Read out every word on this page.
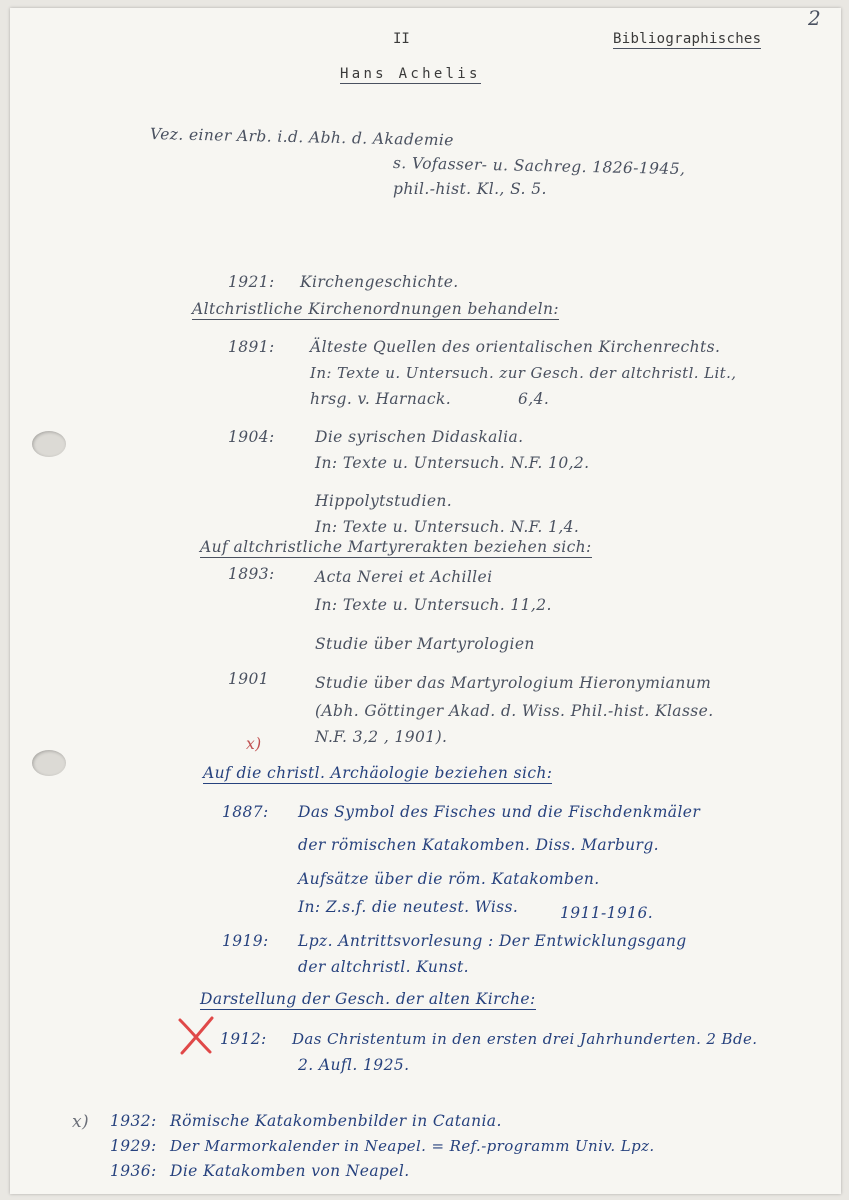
II	Bibliographisches
2
Hans Achelis
Vez. einer Arb. i.d. Abh. d. Akademie
s. Vofasser- u. Sachreg. 1826-1945,
phil.-hist. Kl., S. 5.
1921: Kirchengeschichte.
Altchristliche Kirchenordnungen behandeln:
1891: Älteste Quellen des orientalischen Kirchenrechts.
In: Texte u. Untersuch. zur Gesch. der altchristl. Lit.,
hrsg. v. Harnack.	6,4.
1904:	Die syrischen Didaskalia.
In: Texte u. Untersuch. N.F. 10,2.
Hippolytstudien.
In: Texte u. Untersuch. N.F. 1,4.
Auf altchristliche Martyrerakten beziehen sich:
1893:	Acta Nerei et Achillei
In: Texte u. Untersuch. 11,2.
Studie über Martyrologien
1901	Studie über das Martyrologium Hieronymianum
(Abh. Göttinger Akad. d. Wiss. Phil.-hist. Klasse.
N.F. 3,2 , 1901).
x)
Auf die christl. Archäologie beziehen sich:
1887: Das Symbol des Fisches und die Fischdenkmäler
der römischen Katakomben. Diss. Marburg.
Aufsätze über die röm. Katakomben.
In: Z.s.f. die neutest. Wiss.	1911-1916.
1919: Lpz. Antrittsvorlesung : Der Entwicklungsgang
der altchristl. Kunst.
Darstellung der Gesch. der alten Kirche:
1912: Das Christentum in den ersten drei Jahrhunderten. 2 Bde.
2. Aufl. 1925.
x) 1932: Römische Katakombenbilder in Catania.
1929: Der Marmorkalender in Neapel. = Ref.-programm Univ. Lpz.
1936: Die Katakomben von Neapel.
